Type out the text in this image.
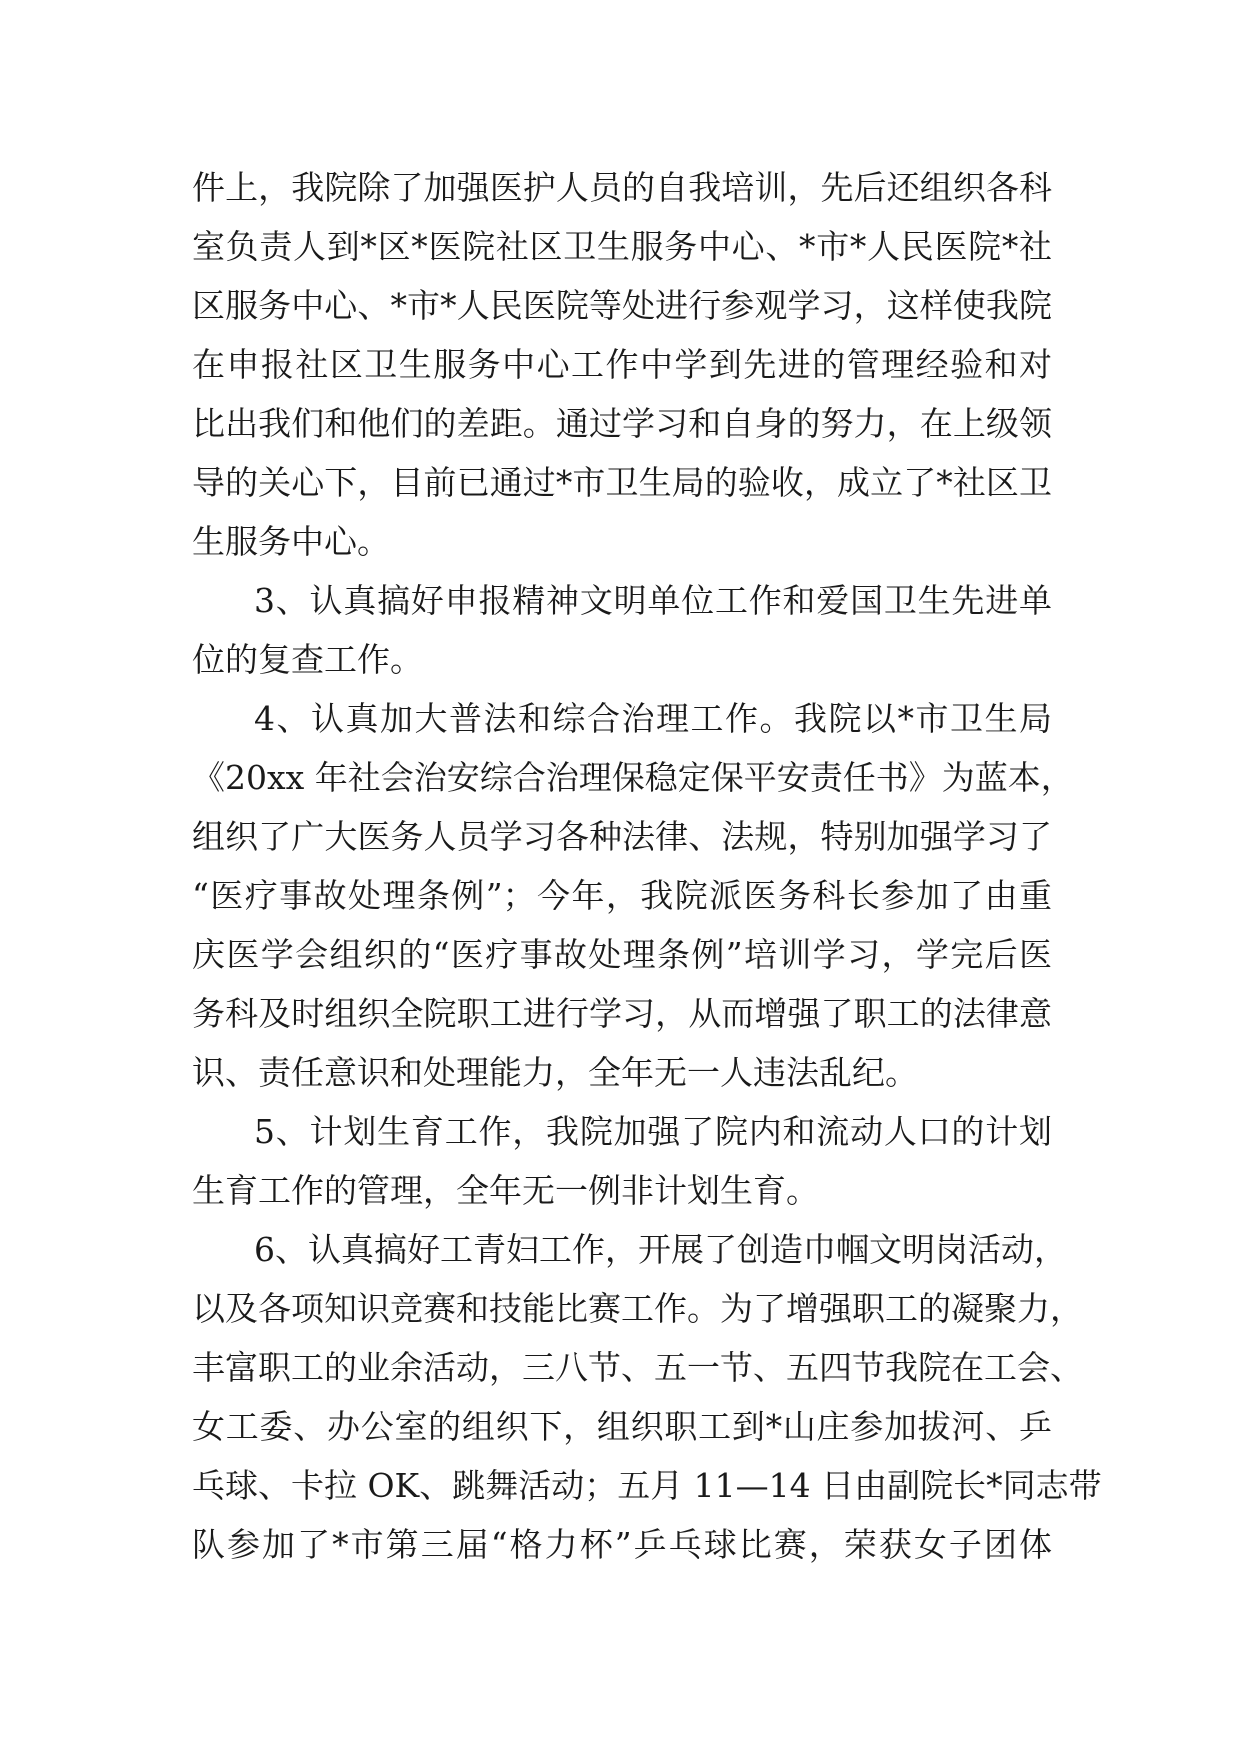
件上，我院除了加强医护人员的自我培训，先后还组织各科
室负责人到*区*医院社区卫生服务中心、*市*人民医院*社
区服务中心、*市*人民医院等处进行参观学习，这样使我院
在申报社区卫生服务中心工作中学到先进的管理经验和对
比出我们和他们的差距。通过学习和自身的努力，在上级领
导的关心下，目前已通过*市卫生局的验收，成立了*社区卫
生服务中心。
3、认真搞好申报精神文明单位工作和爱国卫生先进单
位的复查工作。
4、认真加大普法和综合治理工作。我院以*市卫生局
《20xx 年社会治安综合治理保稳定保平安责任书》为蓝本，
组织了广大医务人员学习各种法律、法规，特别加强学习了
“医疗事故处理条例”；今年，我院派医务科长参加了由重
庆医学会组织的“医疗事故处理条例”培训学习，学完后医
务科及时组织全院职工进行学习，从而增强了职工的法律意
识、责任意识和处理能力，全年无一人违法乱纪。
5、计划生育工作，我院加强了院内和流动人口的计划
生育工作的管理，全年无一例非计划生育。
6、认真搞好工青妇工作，开展了创造巾帼文明岗活动，
以及各项知识竞赛和技能比赛工作。为了增强职工的凝聚力，
丰富职工的业余活动，三八节、五一节、五四节我院在工会、
女工委、办公室的组织下，组织职工到*山庄参加拔河、乒
乓球、卡拉 OK、跳舞活动；五月 11—14 日由副院长*同志带
队参加了*市第三届“格力杯”乒乓球比赛，荣获女子团体
